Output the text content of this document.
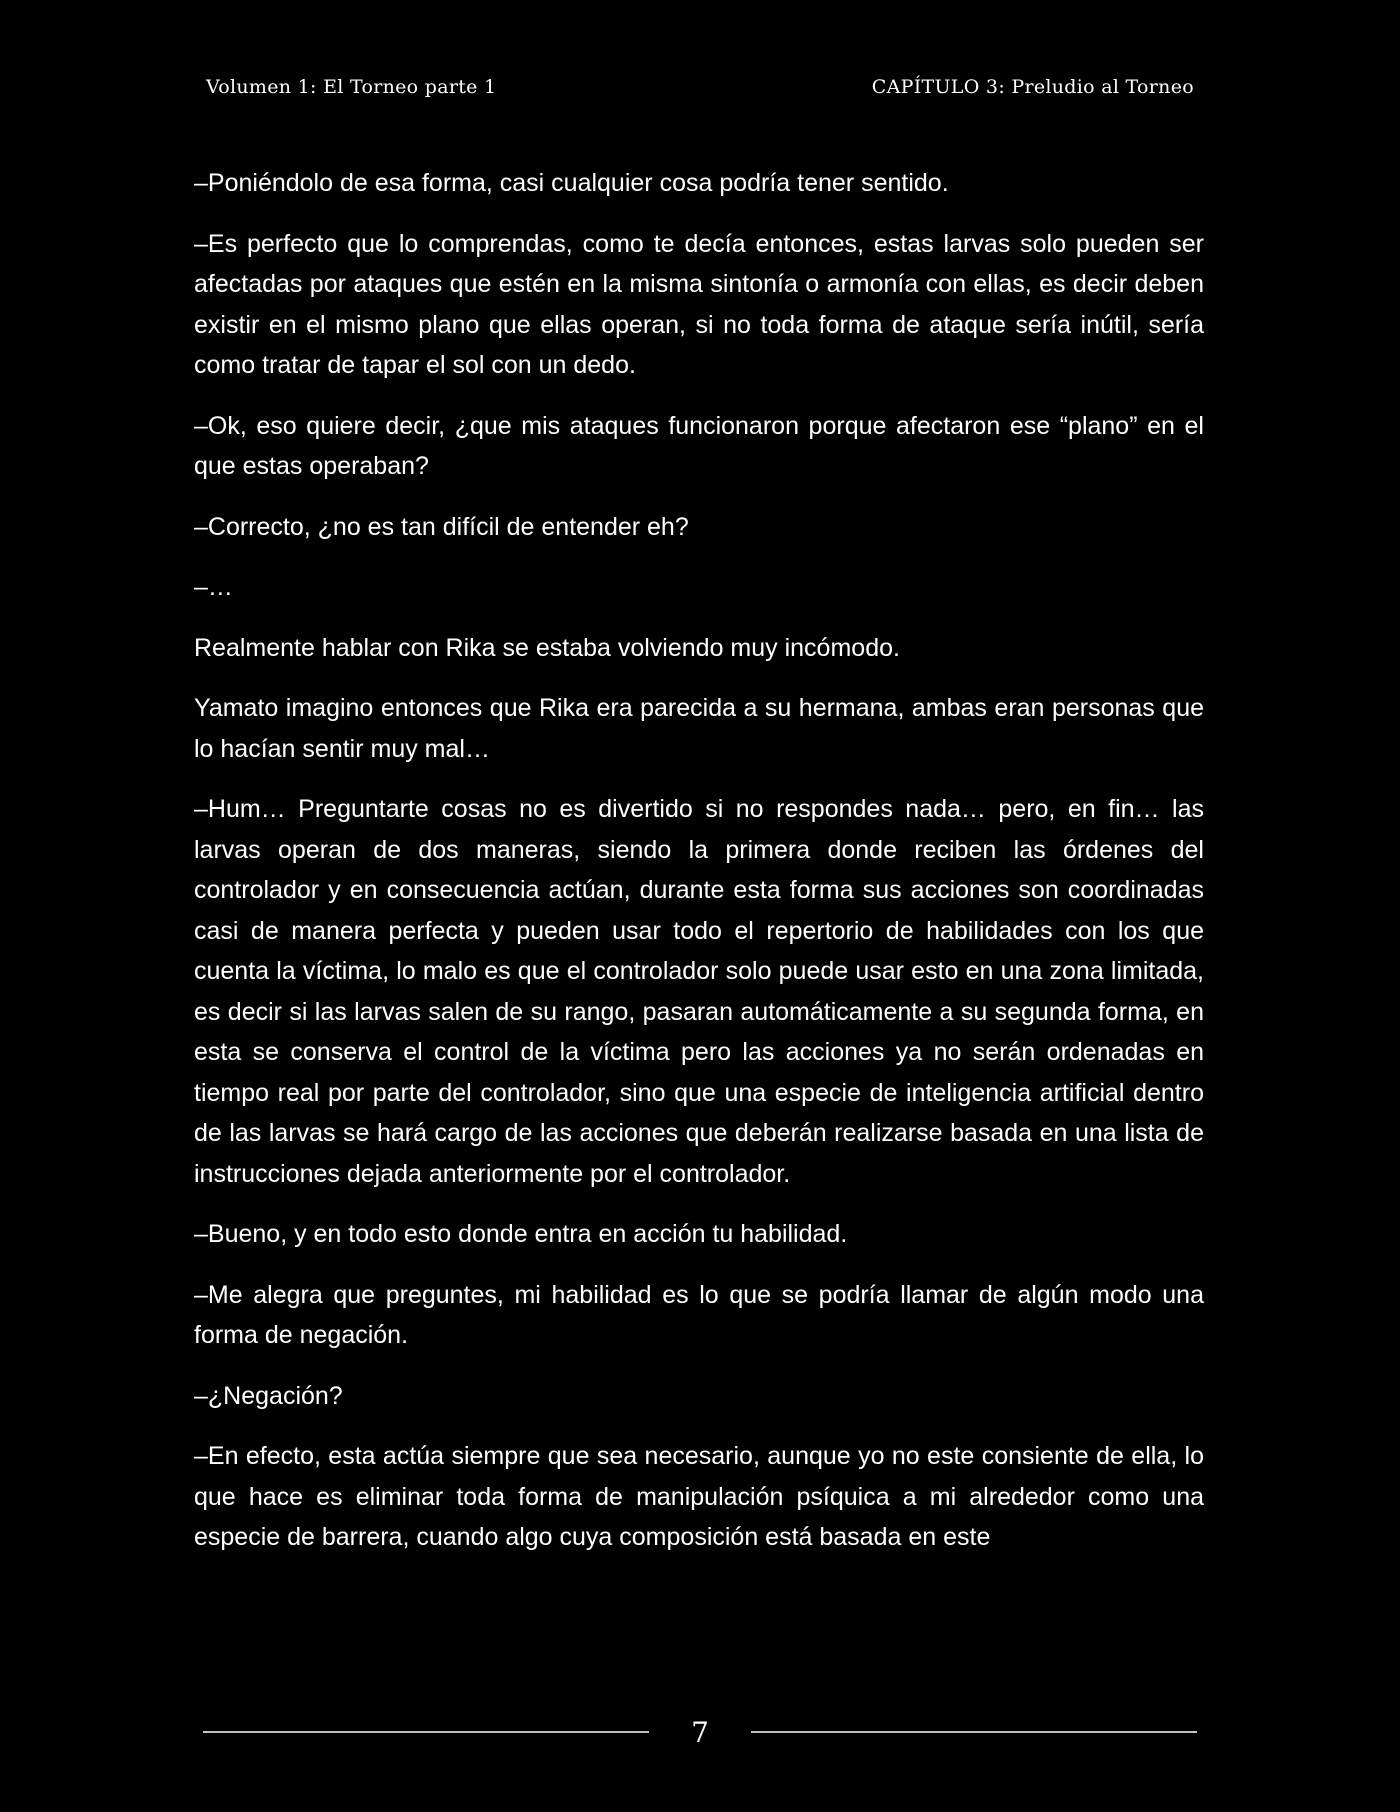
Volumen 1: El Torneo parte 1	CAPÍTULO 3: Preludio al Torneo

–Poniéndolo de esa forma, casi cualquier cosa podría tener sentido.

–Es perfecto que lo comprendas, como te decía entonces, estas larvas solo pueden ser afectadas por ataques que estén en la misma sintonía o armonía con ellas, es decir deben existir en el mismo plano que ellas operan, si no toda forma de ataque sería inútil, sería como tratar de tapar el sol con un dedo.

–Ok, eso quiere decir, ¿que mis ataques funcionaron porque afectaron ese “plano” en el que estas operaban?

–Correcto, ¿no es tan difícil de entender eh?

–…

Realmente hablar con Rika se estaba volviendo muy incómodo.

Yamato imagino entonces que Rika era parecida a su hermana, ambas eran personas que lo hacían sentir muy mal…

–Hum… Preguntarte cosas no es divertido si no respondes nada… pero, en fin… las larvas operan de dos maneras, siendo la primera donde reciben las órdenes del controlador y en consecuencia actúan, durante esta forma sus acciones son coordinadas casi de manera perfecta y pueden usar todo el repertorio de habilidades con los que cuenta la víctima, lo malo es que el controlador solo puede usar esto en una zona limitada, es decir si las larvas salen de su rango, pasaran automáticamente a su segunda forma, en esta se conserva el control de la víctima pero las acciones ya no serán ordenadas en tiempo real por parte del controlador, sino que una especie de inteligencia artificial dentro de las larvas se hará cargo de las acciones que deberán realizarse basada en una lista de instrucciones dejada anteriormente por el controlador.

–Bueno, y en todo esto donde entra en acción tu habilidad.

–Me alegra que preguntes, mi habilidad es lo que se podría llamar de algún modo una forma de negación.

–¿Negación?

–En efecto, esta actúa siempre que sea necesario, aunque yo no este consiente de ella, lo que hace es eliminar toda forma de manipulación psíquica a mi alrededor como una especie de barrera, cuando algo cuya composición está basada en este

7
